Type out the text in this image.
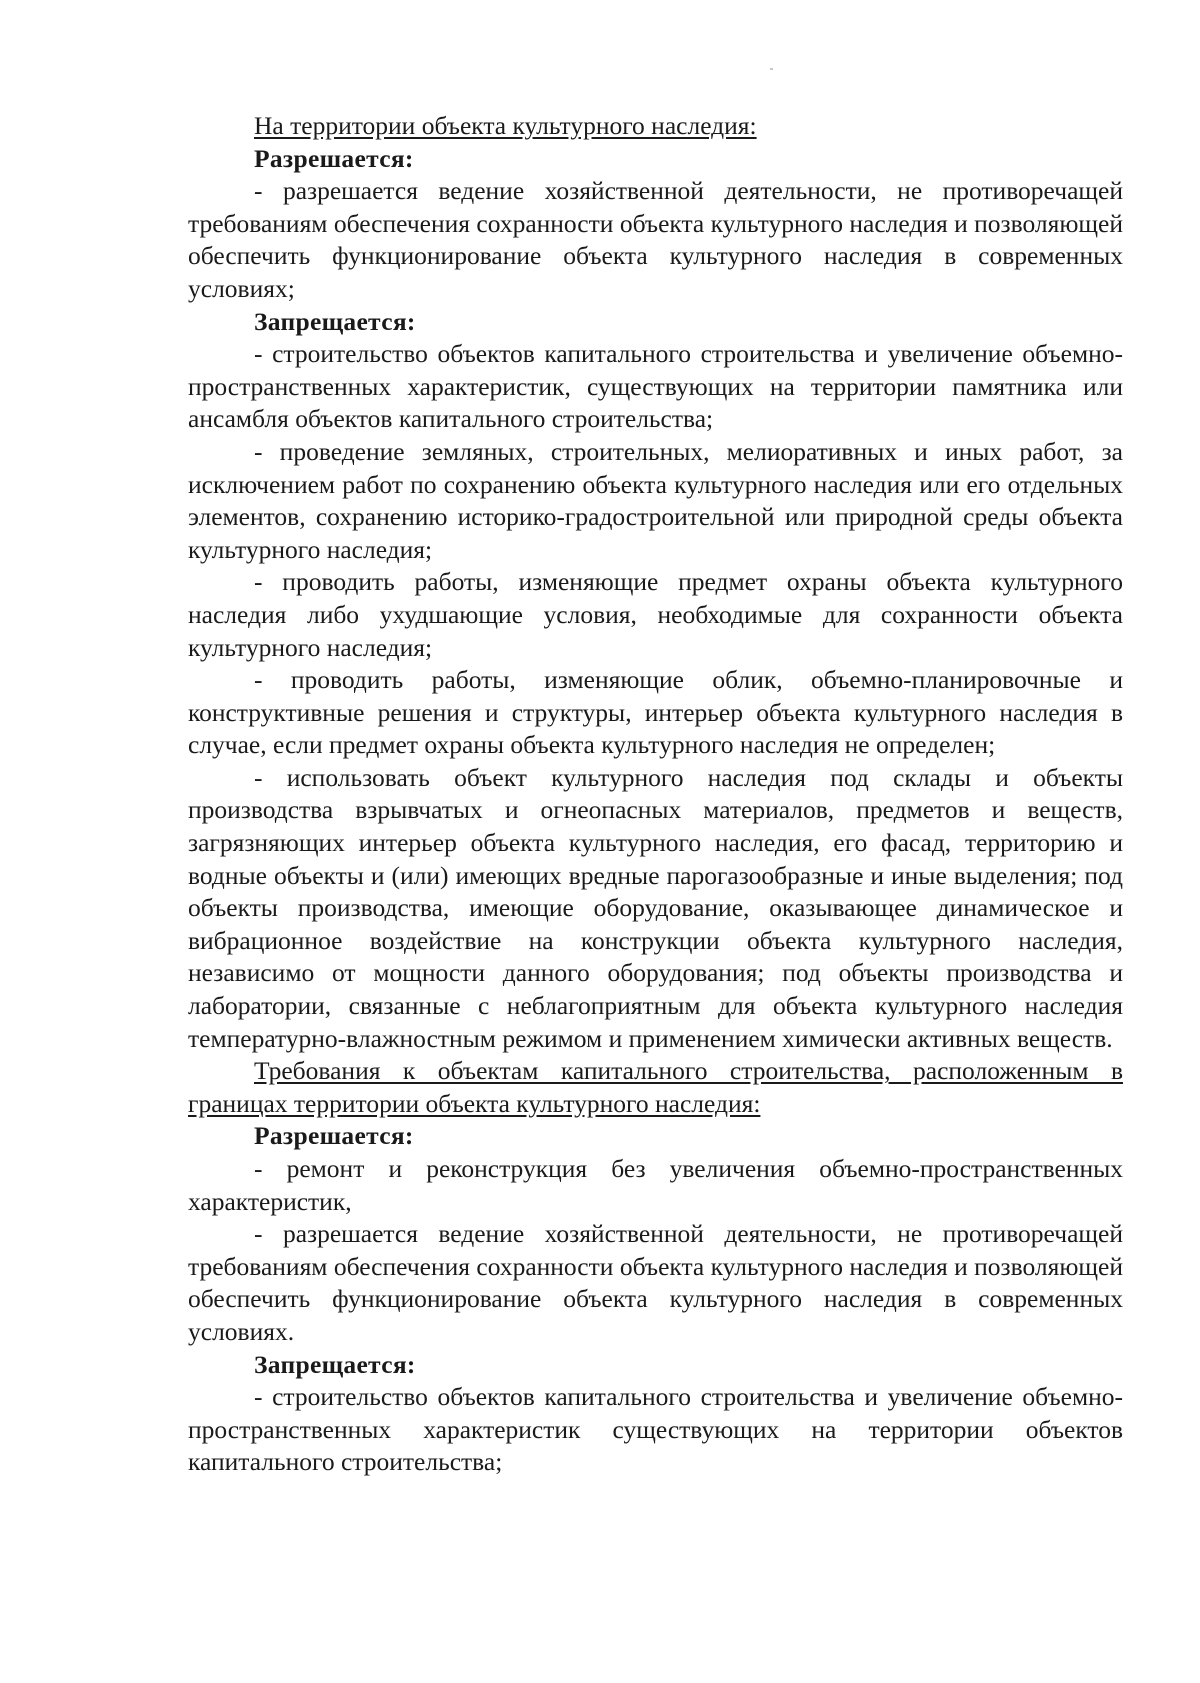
На территории объекта культурного наследия:

Разрешается:

- разрешается ведение хозяйственной деятельности, не противоречащей требованиям обеспечения сохранности объекта культурного наследия и позволяющей обеспечить функционирование объекта культурного наследия в современных условиях;

Запрещается:

- строительство объектов капитального строительства и увеличение объемно-пространственных характеристик, существующих на территории памятника или ансамбля объектов капитального строительства;

- проведение земляных, строительных, мелиоративных и иных работ, за исключением работ по сохранению объекта культурного наследия или его отдельных элементов, сохранению историко-градостроительной или природной среды объекта культурного наследия;

- проводить работы, изменяющие предмет охраны объекта культурного наследия либо ухудшающие условия, необходимые для сохранности объекта культурного наследия;

- проводить работы, изменяющие облик, объемно-планировочные и конструктивные решения и структуры, интерьер объекта культурного наследия в случае, если предмет охраны объекта культурного наследия не определен;

- использовать объект культурного наследия под склады и объекты производства взрывчатых и огнеопасных материалов, предметов и веществ, загрязняющих интерьер объекта культурного наследия, его фасад, территорию и водные объекты и (или) имеющих вредные парогазообразные и иные выделения; под объекты производства, имеющие оборудование, оказывающее динамическое и вибрационное воздействие на конструкции объекта культурного наследия, независимо от мощности данного оборудования; под объекты производства и лаборатории, связанные с неблагоприятным для объекта культурного наследия температурно-влажностным режимом и применением химически активных веществ.

Требования к объектам капитального строительства, расположенным в границах территории объекта культурного наследия:

Разрешается:

- ремонт и реконструкция без увеличения объемно-пространственных характеристик,

- разрешается ведение хозяйственной деятельности, не противоречащей требованиям обеспечения сохранности объекта культурного наследия и позволяющей обеспечить функционирование объекта культурного наследия в современных условиях.

Запрещается:

- строительство объектов капитального строительства и увеличение объемно-пространственных характеристик существующих на территории объектов капитального строительства;
